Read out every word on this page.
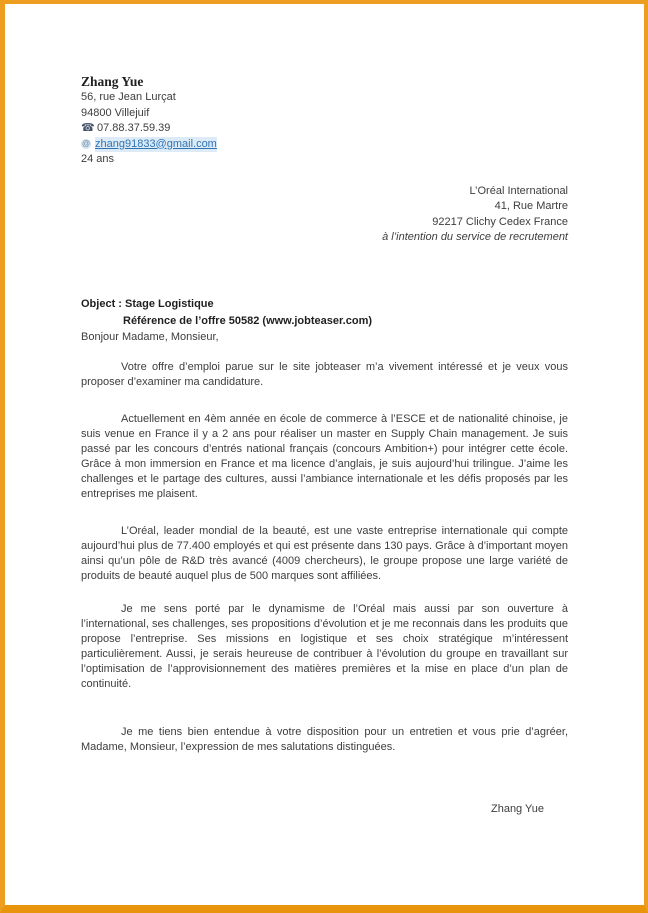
Zhang Yue
56, rue Jean Lurçat
94800 Villejuif
☎ 07.88.37.59.39
@ zhang91833@gmail.com
24 ans
L’Oréal International
41, Rue Martre
92217 Clichy Cedex France
à l’intention du service de recrutement
Object : Stage Logistique
Référence de l’offre 50582 (www.jobteaser.com)

Bonjour Madame, Monsieur,

Votre offre d’emploi parue sur le site jobteaser m’a vivement intéressé et je veux vous proposer d’examiner ma candidature.

Actuellement en 4èm année en école de commerce à l’ESCE et de nationalité chinoise, je suis venue en France il y a 2 ans pour réaliser un master en Supply Chain management. Je suis passé par les concours d’entrés national français (concours Ambition+) pour intégrer cette école. Grâce à mon immersion en France et ma licence d’anglais, je suis aujourd’hui trilingue. J’aime les challenges et le partage des cultures, aussi l’ambiance internationale et les défis proposés par les entreprises me plaisent.

L’Oréal, leader mondial de la beauté, est une vaste entreprise internationale qui compte aujourd’hui plus de 77.400 employés et qui est présente dans 130 pays. Grâce à d’important moyen ainsi qu’un pôle de R&D très avancé (4009 chercheurs), le groupe propose une large variété de produits de beauté auquel plus de 500 marques sont affiliées.

Je me sens porté par le dynamisme de l’Oréal mais aussi par son ouverture à l’international, ses challenges, ses propositions d’évolution et je me reconnais dans les produits que propose l’entreprise. Ses missions en logistique et ses choix stratégique m’intéressent particulièrement. Aussi, je serais heureuse de contribuer à l’évolution du groupe en travaillant sur l’optimisation de l’approvisionnement des matières premières et la mise en place d’un plan de continuité.

Je me tiens bien entendue à votre disposition pour un entretien et vous prie d’agréer, Madame, Monsieur, l’expression de mes salutations distinguées.

Zhang Yue
